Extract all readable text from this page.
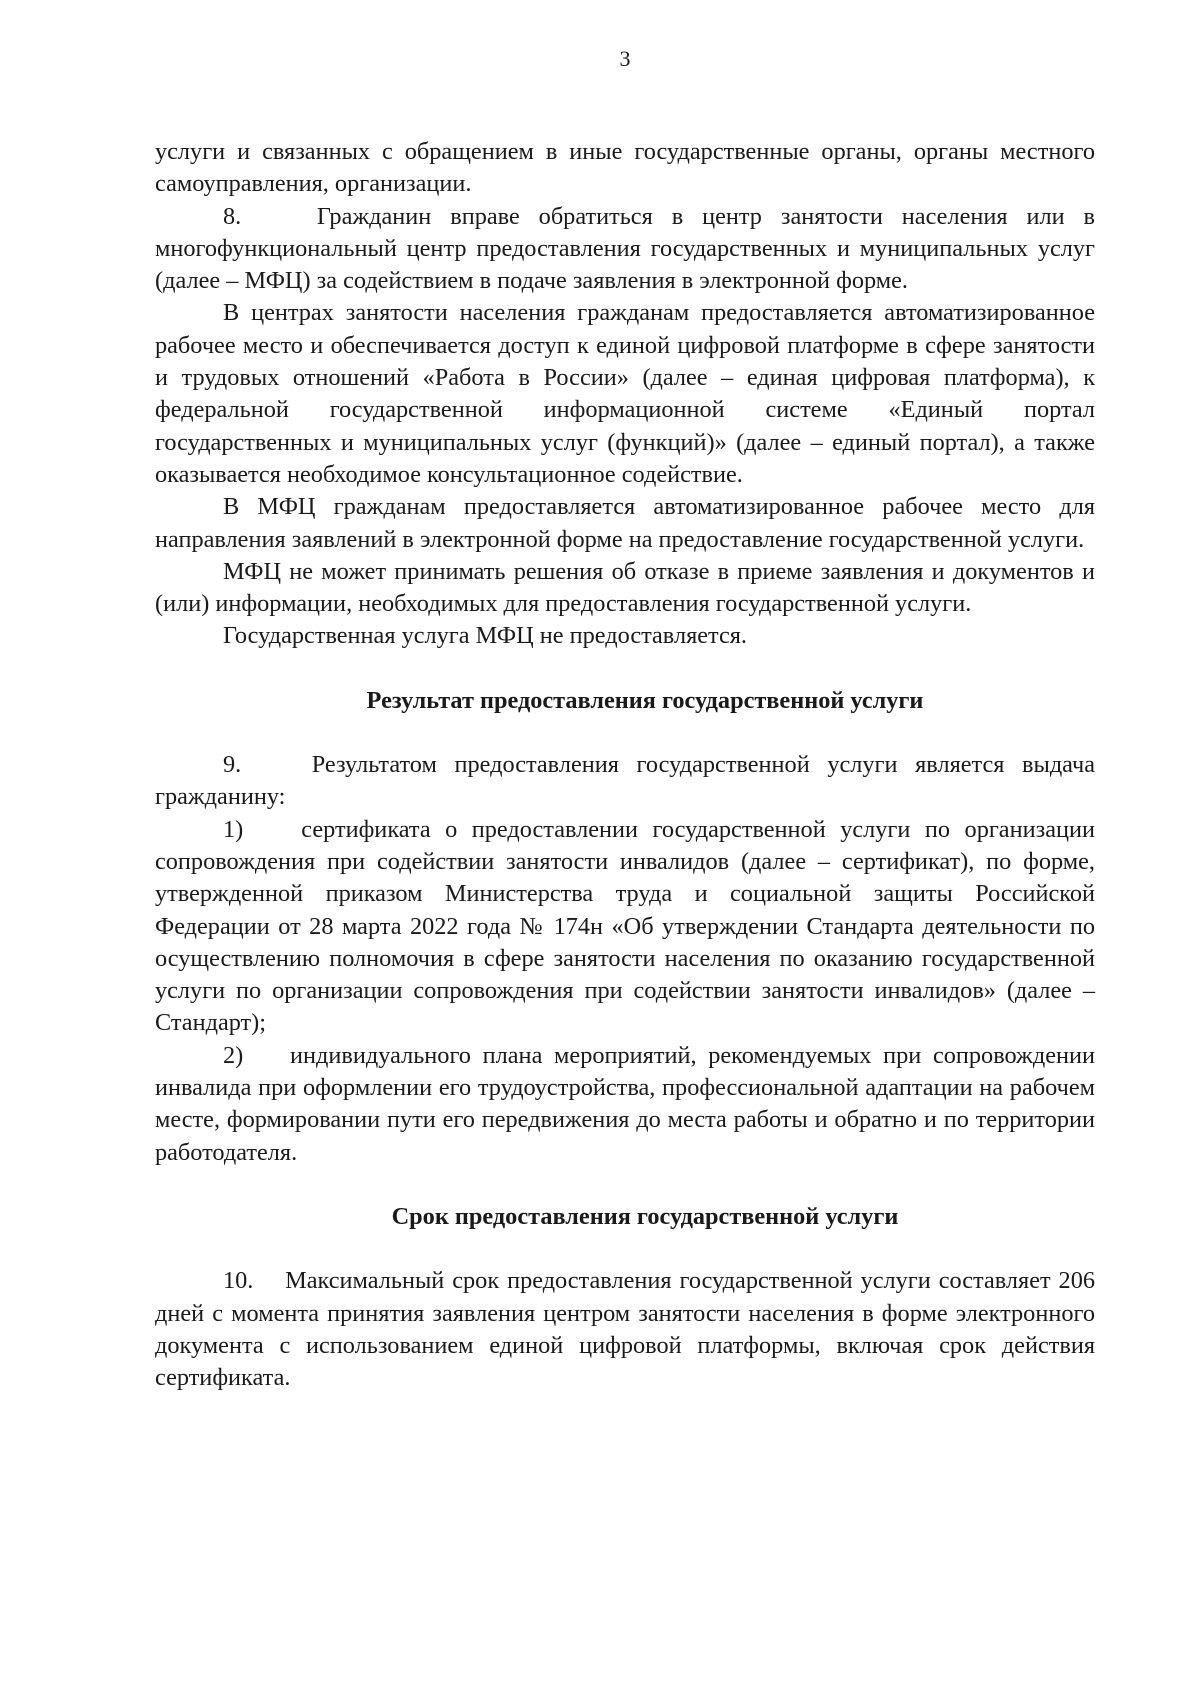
3

услуги и связанных с обращением в иные государственные органы, органы местного самоуправления, организации.

8.    Гражданин вправе обратиться в центр занятости населения или в многофункциональный центр предоставления государственных и муниципальных услуг (далее – МФЦ) за содействием в подаче заявления в электронной форме.

В центрах занятости населения гражданам предоставляется автоматизированное рабочее место и обеспечивается доступ к единой цифровой платформе в сфере занятости и трудовых отношений «Работа в России» (далее – единая цифровая платформа), к федеральной государственной информационной системе «Единый портал государственных и муниципальных услуг (функций)» (далее – единый портал), а также оказывается необходимое консультационное содействие.

В МФЦ гражданам предоставляется автоматизированное рабочее место для направления заявлений в электронной форме на предоставление государственной услуги.

МФЦ не может принимать решения об отказе в приеме заявления и документов и (или) информации, необходимых для предоставления государственной услуги.

Государственная услуга МФЦ не предоставляется.

Результат предоставления государственной услуги

9.    Результатом предоставления государственной услуги является выдача гражданину:

1)    сертификата о предоставлении государственной услуги по организации сопровождения при содействии занятости инвалидов (далее – сертификат), по форме, утвержденной приказом Министерства труда и социальной защиты Российской Федерации от 28 марта 2022 года № 174н «Об утверждении Стандарта деятельности по осуществлению полномочия в сфере занятости населения по оказанию государственной услуги по организации сопровождения при содействии занятости инвалидов» (далее – Стандарт);

2)    индивидуального плана мероприятий, рекомендуемых при сопровождении инвалида при оформлении его трудоустройства, профессиональной адаптации на рабочем месте, формировании пути его передвижения до места работы и обратно и по территории работодателя.

Срок предоставления государственной услуги

10.    Максимальный срок предоставления государственной услуги составляет 206 дней с момента принятия заявления центром занятости населения в форме электронного документа с использованием единой цифровой платформы, включая срок действия сертификата.
